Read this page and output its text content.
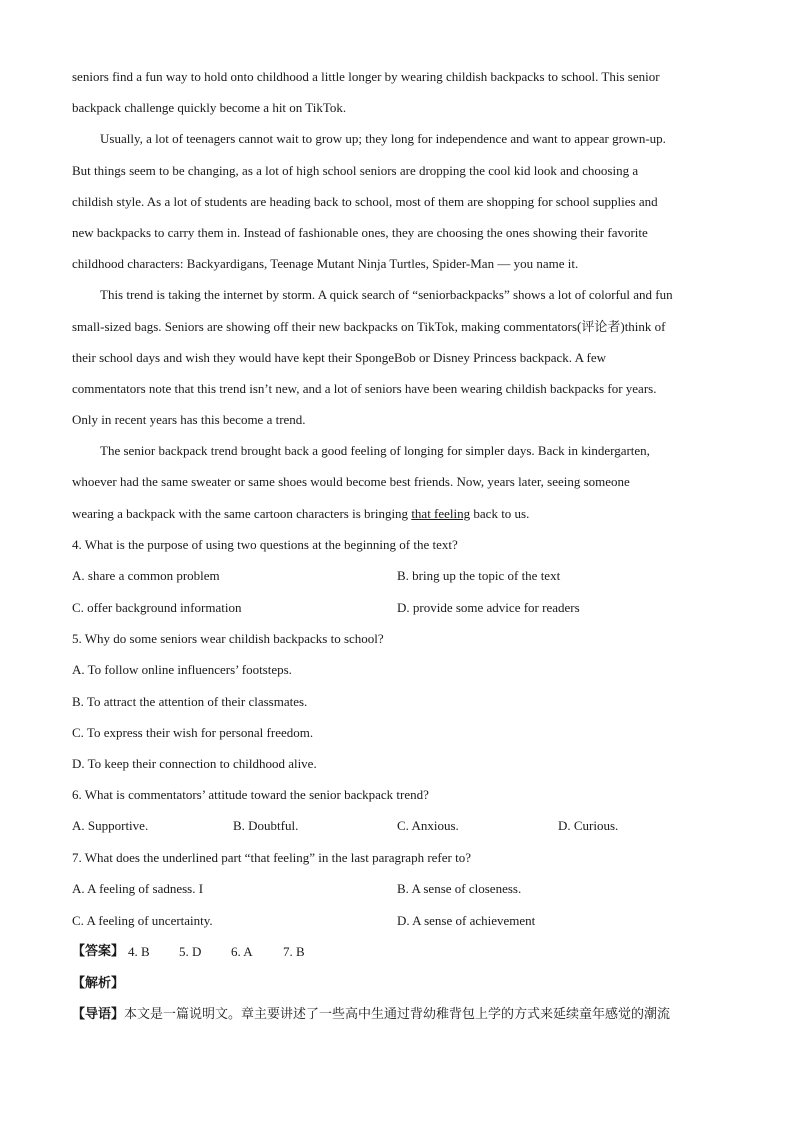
seniors find a fun way to hold onto childhood a little longer by wearing childish backpacks to school. This senior
backpack challenge quickly become a hit on TikTok.
Usually, a lot of teenagers cannot wait to grow up; they long for independence and want to appear grown-up.
But things seem to be changing, as a lot of high school seniors are dropping the cool kid look and choosing a
childish style. As a lot of students are heading back to school, most of them are shopping for school supplies and
new backpacks to carry them in. Instead of fashionable ones, they are choosing the ones showing their favorite
childhood characters: Backyardigans, Teenage Mutant Ninja Turtles, Spider-Man — you name it.
This trend is taking the internet by storm. A quick search of “seniorbackpacks” shows a lot of colorful and fun
small-sized bags. Seniors are showing off their new backpacks on TikTok, making commentators(评论者)think of
their school days and wish they would have kept their SpongeBob or Disney Princess backpack. A few
commentators note that this trend isn’t new, and a lot of seniors have been wearing childish backpacks for years.
Only in recent years has this become a trend.
The senior backpack trend brought back a good feeling of longing for simpler days. Back in kindergarten,
whoever had the same sweater or same shoes would become best friends. Now, years later, seeing someone
wearing a backpack with the same cartoon characters is bringing that feeling back to us.
4. What is the purpose of using two questions at the beginning of the text?
A. share a common problem	B. bring up the topic of the text
C. offer background information	D. provide some advice for readers
5. Why do some seniors wear childish backpacks to school?
A. To follow online influencers’ footsteps.
B. To attract the attention of their classmates.
C. To express their wish for personal freedom.
D. To keep their connection to childhood alive.
6. What is commentators’ attitude toward the senior backpack trend?
A. Supportive.	B. Doubtful.	C. Anxious.	D. Curious.
7. What does the underlined part “that feeling” in the last paragraph refer to?
A. A feeling of sadness. I	B. A sense of closeness.
C. A feeling of uncertainty.	D. A sense of achievement
【答案】 4. B 5. D 6. A 7. B
【解析】
【导语】本文是一篇说明文。章主要讲述了一些高中生通过背幼稚背包上学的方式来延续童年感觉的潮流
